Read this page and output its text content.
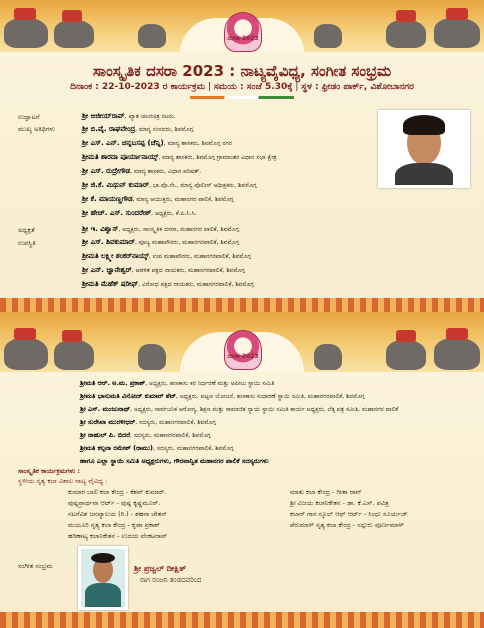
ದಸರಾ 2023
ಸಾಂಸ್ಕೃತಿಕ ದಸರಾ 2023 : ನಾಟ್ಯವೈವಿಧ್ಯ, ಸಂಗೀತ ಸಂಭ್ರಮ
ದಿನಾಂಕ : 22-10-2023 ರ ಕಾರ್ಯಕ್ರಮ | ಸಮಯ : ಸಂಜೆ 5.30ಕ್ಕೆ | ಸ್ಥಳ : ಫ್ರೀಡಂ ಪಾರ್ಕ್, ವಿಶೋಬಾನಗರ
ಉದ್ಘಾಟನೆ
ಮುಖ್ಯ ಅತಿಥಿಗಳು
ಅಧ್ಯಕ್ಷತೆ
ಉಪಸ್ಥಿತಿ
ಶ್ರೀ ಅಜೀಯ್‌ರಾವ್, ಖ್ಯಾತ ಚಲನಚಿತ್ರ ನಟರು.
ಶ್ರೀ ಬಿ.ವೈ. ರಾಘವೇಂದ್ರ, ಮಾನ್ಯ ಸಂಸದರು, ಶಿವಮೊಗ್ಗ
ಶ್ರೀ ಎಸ್. ಎನ್. ಚನ್ನಬಸಪ್ಪ (ಚೆನ್ನಿ), ಮಾನ್ಯ ಶಾಸಕರು, ಶಿವಮೊಗ್ಗ ನಗರ
ಶ್ರೀಮತಿ ಶಾರದಾ ಪೂರ್ಯಾನಾಯ್ಕ್, ಮಾನ್ಯ ಶಾಸಕರು, ಶಿವಮೊಗ್ಗ ಗ್ರಾಮಾಂತರ ವಿಧಾನ ಸಭಾ ಕ್ಷೇತ್ರ
ಶ್ರೀ ಎಸ್. ರುದ್ರೇಗೌಡ, ಮಾನ್ಯ ಶಾಸಕರು, ವಿಧಾನ ಪರಿಷತ್.
ಶ್ರೀ ಜಿ.ಕೆ. ಮಿಥುನ್ ಕುಮಾರ್, ಭಾ.ಪೊ.ಸೇ., ಮಾನ್ಯ ಪೊಲೀಸ್ ಅಧೀಕ್ಷಕರು, ಶಿವಮೊಗ್ಗ
ಶ್ರೀ ಕೆ. ಮಾಯಣ್ಣಗೌಡ, ಮಾನ್ಯ ಆಯುಕ್ತರು, ಮಹಾನಗರ ಪಾಲಿಕೆ, ಶಿವಮೊಗ್ಗ
ಶ್ರೀ ಹೇಚ್. ಎಸ್. ಸುಂದರೇಶ್, ಅಧ್ಯಕ್ಷರು, ಕೆ.ಪಿ.ಸಿ.ಸಿ.
ಶ್ರೀ ಇ. ವಿಶ್ವಾಸ್, ಅಧ್ಯಕ್ಷರು, ಸಾಂಸ್ಕೃತಿಕ ದಸರಾ, ಮಹಾನಗರ ಪಾಲಿಕೆ, ಶಿವಮೊಗ್ಗ
ಶ್ರೀ ಎಸ್. ಶಿವಕುಮಾರ್, ಪೂಜ್ಯ ಮಹಾಪೌರರು, ಮಹಾನಗರಪಾಲಿಕೆ, ಶಿವಮೊಗ್ಗ
ಶ್ರೀಮತಿ ಲಕ್ಷ್ಮೀ ಶಂಕರ್‌ನಾಯ್ಕ್, ಉಪ ಮಹಾಪೌರರು, ಮಹಾನಗರಪಾಲಿಕೆ, ಶಿವಮೊಗ್ಗ
ಶ್ರೀ ಎನ್. ಜ್ಞಾನೇಶ್ವರ್, ಆಡಳಿತ ಪಕ್ಷದ ನಾಯಕರು, ಮಹಾನಗರಪಾಲಿಕೆ, ಶಿವಮೊಗ್ಗ
ಶ್ರೀಮತಿ ಮೆಹೆಕ್ ಷರೀಫ್, ವಿರೋಧ ಪಕ್ಷದ ನಾಯಕರು, ಮಹಾನಗರಪಾಲಿಕೆ, ಶಿವಮೊಗ್ಗ
ದಸರಾ 2023
ಶ್ರೀಮತಿ ಆರ್. ಅ.ಮ. ಪ್ರಕಾಶ್, ಅಧ್ಯಕ್ಷರು, ಹಣಕಾಸು ಕರ ನಿರ್ಧರಣೆ ಮತ್ತು ಅಪೀಲು ಸ್ಥಾಯಿ ಸಮಿತಿ
ಶ್ರೀಮತಿ ಭಾನುಮತಿ ವಿನೋದ್ ಕುಮಾರ್ ಶೆಟ್, ಅಧ್ಯಕ್ಷರು, ಪಟ್ಟಣ ಯೋಜನೆ, ಹಣಕಾಸು ಸುಧಾರಣೆ ಸ್ಥಾಯಿ ಸಮಿತಿ, ಮಹಾನಗರಪಾಲಿಕೆ, ಶಿವಮೊಗ್ಗ
ಶ್ರೀ ಎಸ್. ಮಂಜುನಾಥ್, ಅಧ್ಯಕ್ಷರು, ಸಾರ್ವಜನಿಕ ಆರೋಗ್ಯ, ಶಿಕ್ಷಣ ಮತ್ತು ಸಾಮಾಜಿಕ ನ್ಯಾಯ ಸ್ಥಾಯಿ ಸಮಿತಿ ಕಾರ್ಯ ಅಧ್ಯಕ್ಷರು, ಲೆಕ್ಕ ಪತ್ರ ಸಮಿತಿ, ಮಹಾನಗರ ಪಾಲಿಕೆ
ಶ್ರೀ ಸುರೇಖಾ ಮುರಳೀಧರ್, ಸದಸ್ಯರು, ಮಹಾನಗರಪಾಲಿಕೆ, ಶಿವಮೊಗ್ಗ
ಶ್ರೀ ರಾಹುಲ್ ಪಿ. ಬಿದರೆ, ಸದಸ್ಯರು, ಮಹಾನಗರಪಾಲಿಕೆ, ಶಿವಮೊಗ್ಗ
ಶ್ರೀಮತಿ ಕಲ್ಪನಾ ರಮೇಶ್ (ರಾಮು), ಸದಸ್ಯರು, ಮಹಾನಗರಪಾಲಿಕೆ, ಶಿವಮೊಗ್ಗ
ಹಾಗೂ ಎಲ್ಲಾ ಸ್ಥಾಯಿ ಸಮಿತಿ ಅಧ್ಯಕ್ಷರುಗಳು, ಗೌರವಾನ್ವಿತ ಮಹಾನಗರ ಪಾಲಿಕೆ ಸದಸ್ಯರುಗಳು
ಸಾಂಸ್ಕೃತಿಕ ಕಾರ್ಯಕ್ರಮಗಳು :
ಸ್ಥಳೀಯ ನೃತ್ಯ ಕಲಾ ವಿಶಾಲ ನಾಟ್ಯ ವೈವಿಧ್ಯ :
ಕುಮಾರ ಬಾಲಿ ಕಲಾ ಕೇಂದ್ರ - ಕೆಶವ್ ಕುಮಾರ್.
ಪುಷ್ಪಪ್ರಾರ್ಥನಾ ಆರ್ಟ್ - ಪುಷ್ಪ ಕೃಷ್ಣಮೂರ್.
ನಟನೆವಿಶ ಜನಪ್ಯಾಲಯ (ರಿ.) - ಶಹನಾ ಚೇತನ್
ಮಯೂರಿ ನೃತ್ಯ ಕಲಾ ಕೇಂದ್ರ - ಕೃಪಾ ಪ್ರಕಾಶ್
ಹರಿಣಾಟ್ಯ ಕಲಾನಿಕೇತನ - ಉದಯ ವೆಂಕಟರಾವ್
ಮಾತು ಕಲಾ ಕೇಂದ್ರ - ಗೀತಾ ರಾವ್
ಶ್ರೀ ವಿಜಯ ಕಲಾನಿಕೇತನ - ಡಾ. ಕೆ.ಎಸ್. ಪವಿತ್ರ
ಕಲಾರ್ ಗಾನ ಸ್ಕೂಲ್ ಆಫ್ ಆರ್ಟ್ - ಸಿಂಧು ಸೂರ್ಯಜ್
ಪೆರುಮಾಳ್ ನೃತ್ಯ ಕಲಾ ಕೇಂದ್ರ - ಸದ್ಗುರು ಪೂರ್ಣಮಾಳ್
ಸಂಗೀತ ಸಂಭ್ರಮ	ಶ್ರೀ ಪ್ರಜ್ವಲ್ ದೀಕ್ಷಿತ್
ರಾಗ ರಂಜನಿ ತಂಡದವರಿಂದ
